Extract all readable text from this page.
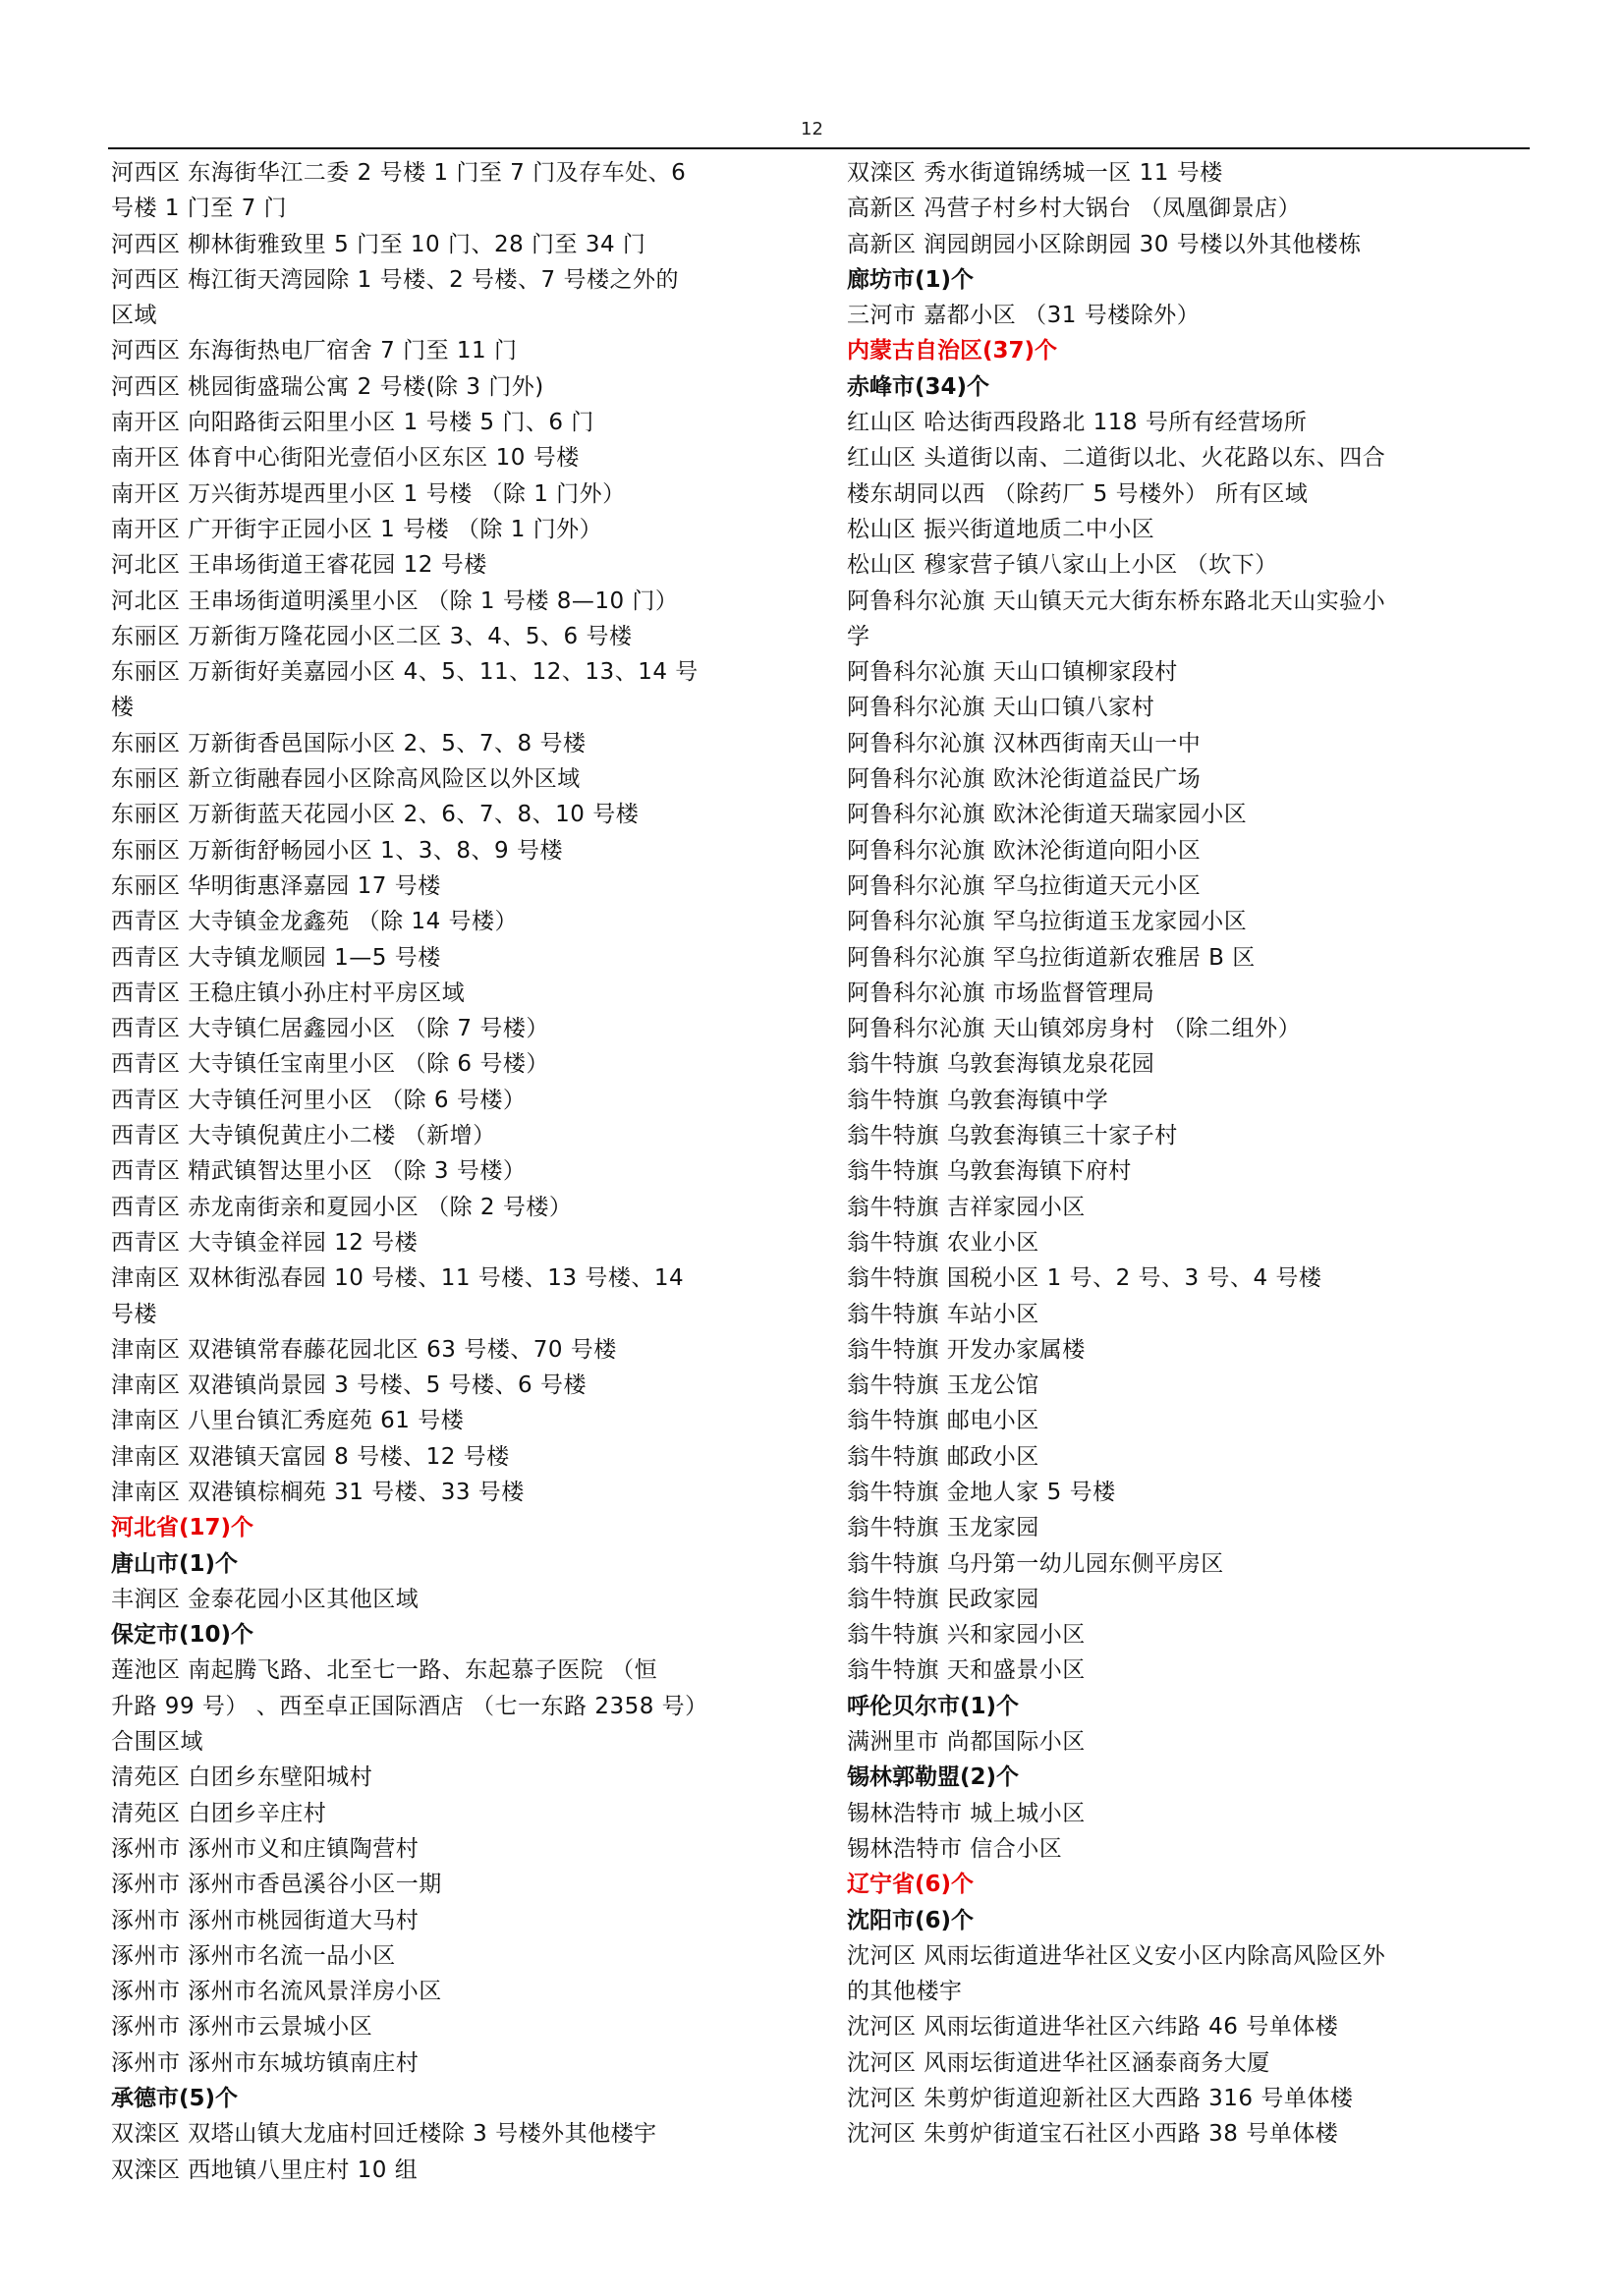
12
河西区 东海街华江二委 2 号楼 1 门至 7 门及存车处、6
号楼 1 门至 7 门
河西区 柳林街雅致里 5 门至 10 门、28 门至 34 门
河西区 梅江街天湾园除 1 号楼、2 号楼、7 号楼之外的
区域
河西区 东海街热电厂宿舍 7 门至 11 门
河西区 桃园街盛瑞公寓 2 号楼(除 3 门外)
南开区 向阳路街云阳里小区 1 号楼 5 门、6 门
南开区 体育中心街阳光壹佰小区东区 10 号楼
南开区 万兴街苏堤西里小区 1 号楼 （除 1 门外）
南开区 广开街宇正园小区 1 号楼 （除 1 门外）
河北区 王串场街道王睿花园 12 号楼
河北区 王串场街道明溪里小区 （除 1 号楼 8—10 门）
东丽区 万新街万隆花园小区二区 3、4、5、6 号楼
东丽区 万新街好美嘉园小区 4、5、11、12、13、14 号
楼
东丽区 万新街香邑国际小区 2、5、7、8 号楼
东丽区 新立街融春园小区除高风险区以外区域
东丽区 万新街蓝天花园小区 2、6、7、8、10 号楼
东丽区 万新街舒畅园小区 1、3、8、9 号楼
东丽区 华明街惠泽嘉园 17 号楼
西青区 大寺镇金龙鑫苑 （除 14 号楼）
西青区 大寺镇龙顺园 1—5 号楼
西青区 王稳庄镇小孙庄村平房区域
西青区 大寺镇仁居鑫园小区 （除 7 号楼）
西青区 大寺镇任宝南里小区 （除 6 号楼）
西青区 大寺镇任河里小区 （除 6 号楼）
西青区 大寺镇倪黄庄小二楼 （新增）
西青区 精武镇智达里小区 （除 3 号楼）
西青区 赤龙南街亲和夏园小区 （除 2 号楼）
西青区 大寺镇金祥园 12 号楼
津南区 双林街泓春园 10 号楼、11 号楼、13 号楼、14
号楼
津南区 双港镇常春藤花园北区 63 号楼、70 号楼
津南区 双港镇尚景园 3 号楼、5 号楼、6 号楼
津南区 八里台镇汇秀庭苑 61 号楼
津南区 双港镇天富园 8 号楼、12 号楼
津南区 双港镇棕榈苑 31 号楼、33 号楼
河北省(17)个
唐山市(1)个
丰润区 金泰花园小区其他区域
保定市(10)个
莲池区 南起腾飞路、北至七一路、东起慕子医院 （恒
升路 99 号） 、西至卓正国际酒店 （七一东路 2358 号）
合围区域
清苑区 白团乡东壁阳城村
清苑区 白团乡辛庄村
涿州市 涿州市义和庄镇陶营村
涿州市 涿州市香邑溪谷小区一期
涿州市 涿州市桃园街道大马村
涿州市 涿州市名流一品小区
涿州市 涿州市名流风景洋房小区
涿州市 涿州市云景城小区
涿州市 涿州市东城坊镇南庄村
承德市(5)个
双滦区 双塔山镇大龙庙村回迁楼除 3 号楼外其他楼宇
双滦区 西地镇八里庄村 10 组
双滦区 秀水街道锦绣城一区 11 号楼
高新区 冯营子村乡村大锅台 （凤凰御景店）
高新区 润园朗园小区除朗园 30 号楼以外其他楼栋
廊坊市(1)个
三河市 嘉都小区 （31 号楼除外）
内蒙古自治区(37)个
赤峰市(34)个
红山区 哈达街西段路北 118 号所有经营场所
红山区 头道街以南、二道街以北、火花路以东、四合
楼东胡同以西 （除药厂 5 号楼外） 所有区域
松山区 振兴街道地质二中小区
松山区 穆家营子镇八家山上小区 （坎下）
阿鲁科尔沁旗 天山镇天元大街东桥东路北天山实验小
学
阿鲁科尔沁旗 天山口镇柳家段村
阿鲁科尔沁旗 天山口镇八家村
阿鲁科尔沁旗 汉林西街南天山一中
阿鲁科尔沁旗 欧沐沦街道益民广场
阿鲁科尔沁旗 欧沐沦街道天瑞家园小区
阿鲁科尔沁旗 欧沐沦街道向阳小区
阿鲁科尔沁旗 罕乌拉街道天元小区
阿鲁科尔沁旗 罕乌拉街道玉龙家园小区
阿鲁科尔沁旗 罕乌拉街道新农雅居 B 区
阿鲁科尔沁旗 市场监督管理局
阿鲁科尔沁旗 天山镇郊房身村 （除二组外）
翁牛特旗 乌敦套海镇龙泉花园
翁牛特旗 乌敦套海镇中学
翁牛特旗 乌敦套海镇三十家子村
翁牛特旗 乌敦套海镇下府村
翁牛特旗 吉祥家园小区
翁牛特旗 农业小区
翁牛特旗 国税小区 1 号、2 号、3 号、4 号楼
翁牛特旗 车站小区
翁牛特旗 开发办家属楼
翁牛特旗 玉龙公馆
翁牛特旗 邮电小区
翁牛特旗 邮政小区
翁牛特旗 金地人家 5 号楼
翁牛特旗 玉龙家园
翁牛特旗 乌丹第一幼儿园东侧平房区
翁牛特旗 民政家园
翁牛特旗 兴和家园小区
翁牛特旗 天和盛景小区
呼伦贝尔市(1)个
满洲里市 尚都国际小区
锡林郭勒盟(2)个
锡林浩特市 城上城小区
锡林浩特市 信合小区
辽宁省(6)个
沈阳市(6)个
沈河区 风雨坛街道进华社区义安小区内除高风险区外
的其他楼宇
沈河区 风雨坛街道进华社区六纬路 46 号单体楼
沈河区 风雨坛街道进华社区涵泰商务大厦
沈河区 朱剪炉街道迎新社区大西路 316 号单体楼
沈河区 朱剪炉街道宝石社区小西路 38 号单体楼
